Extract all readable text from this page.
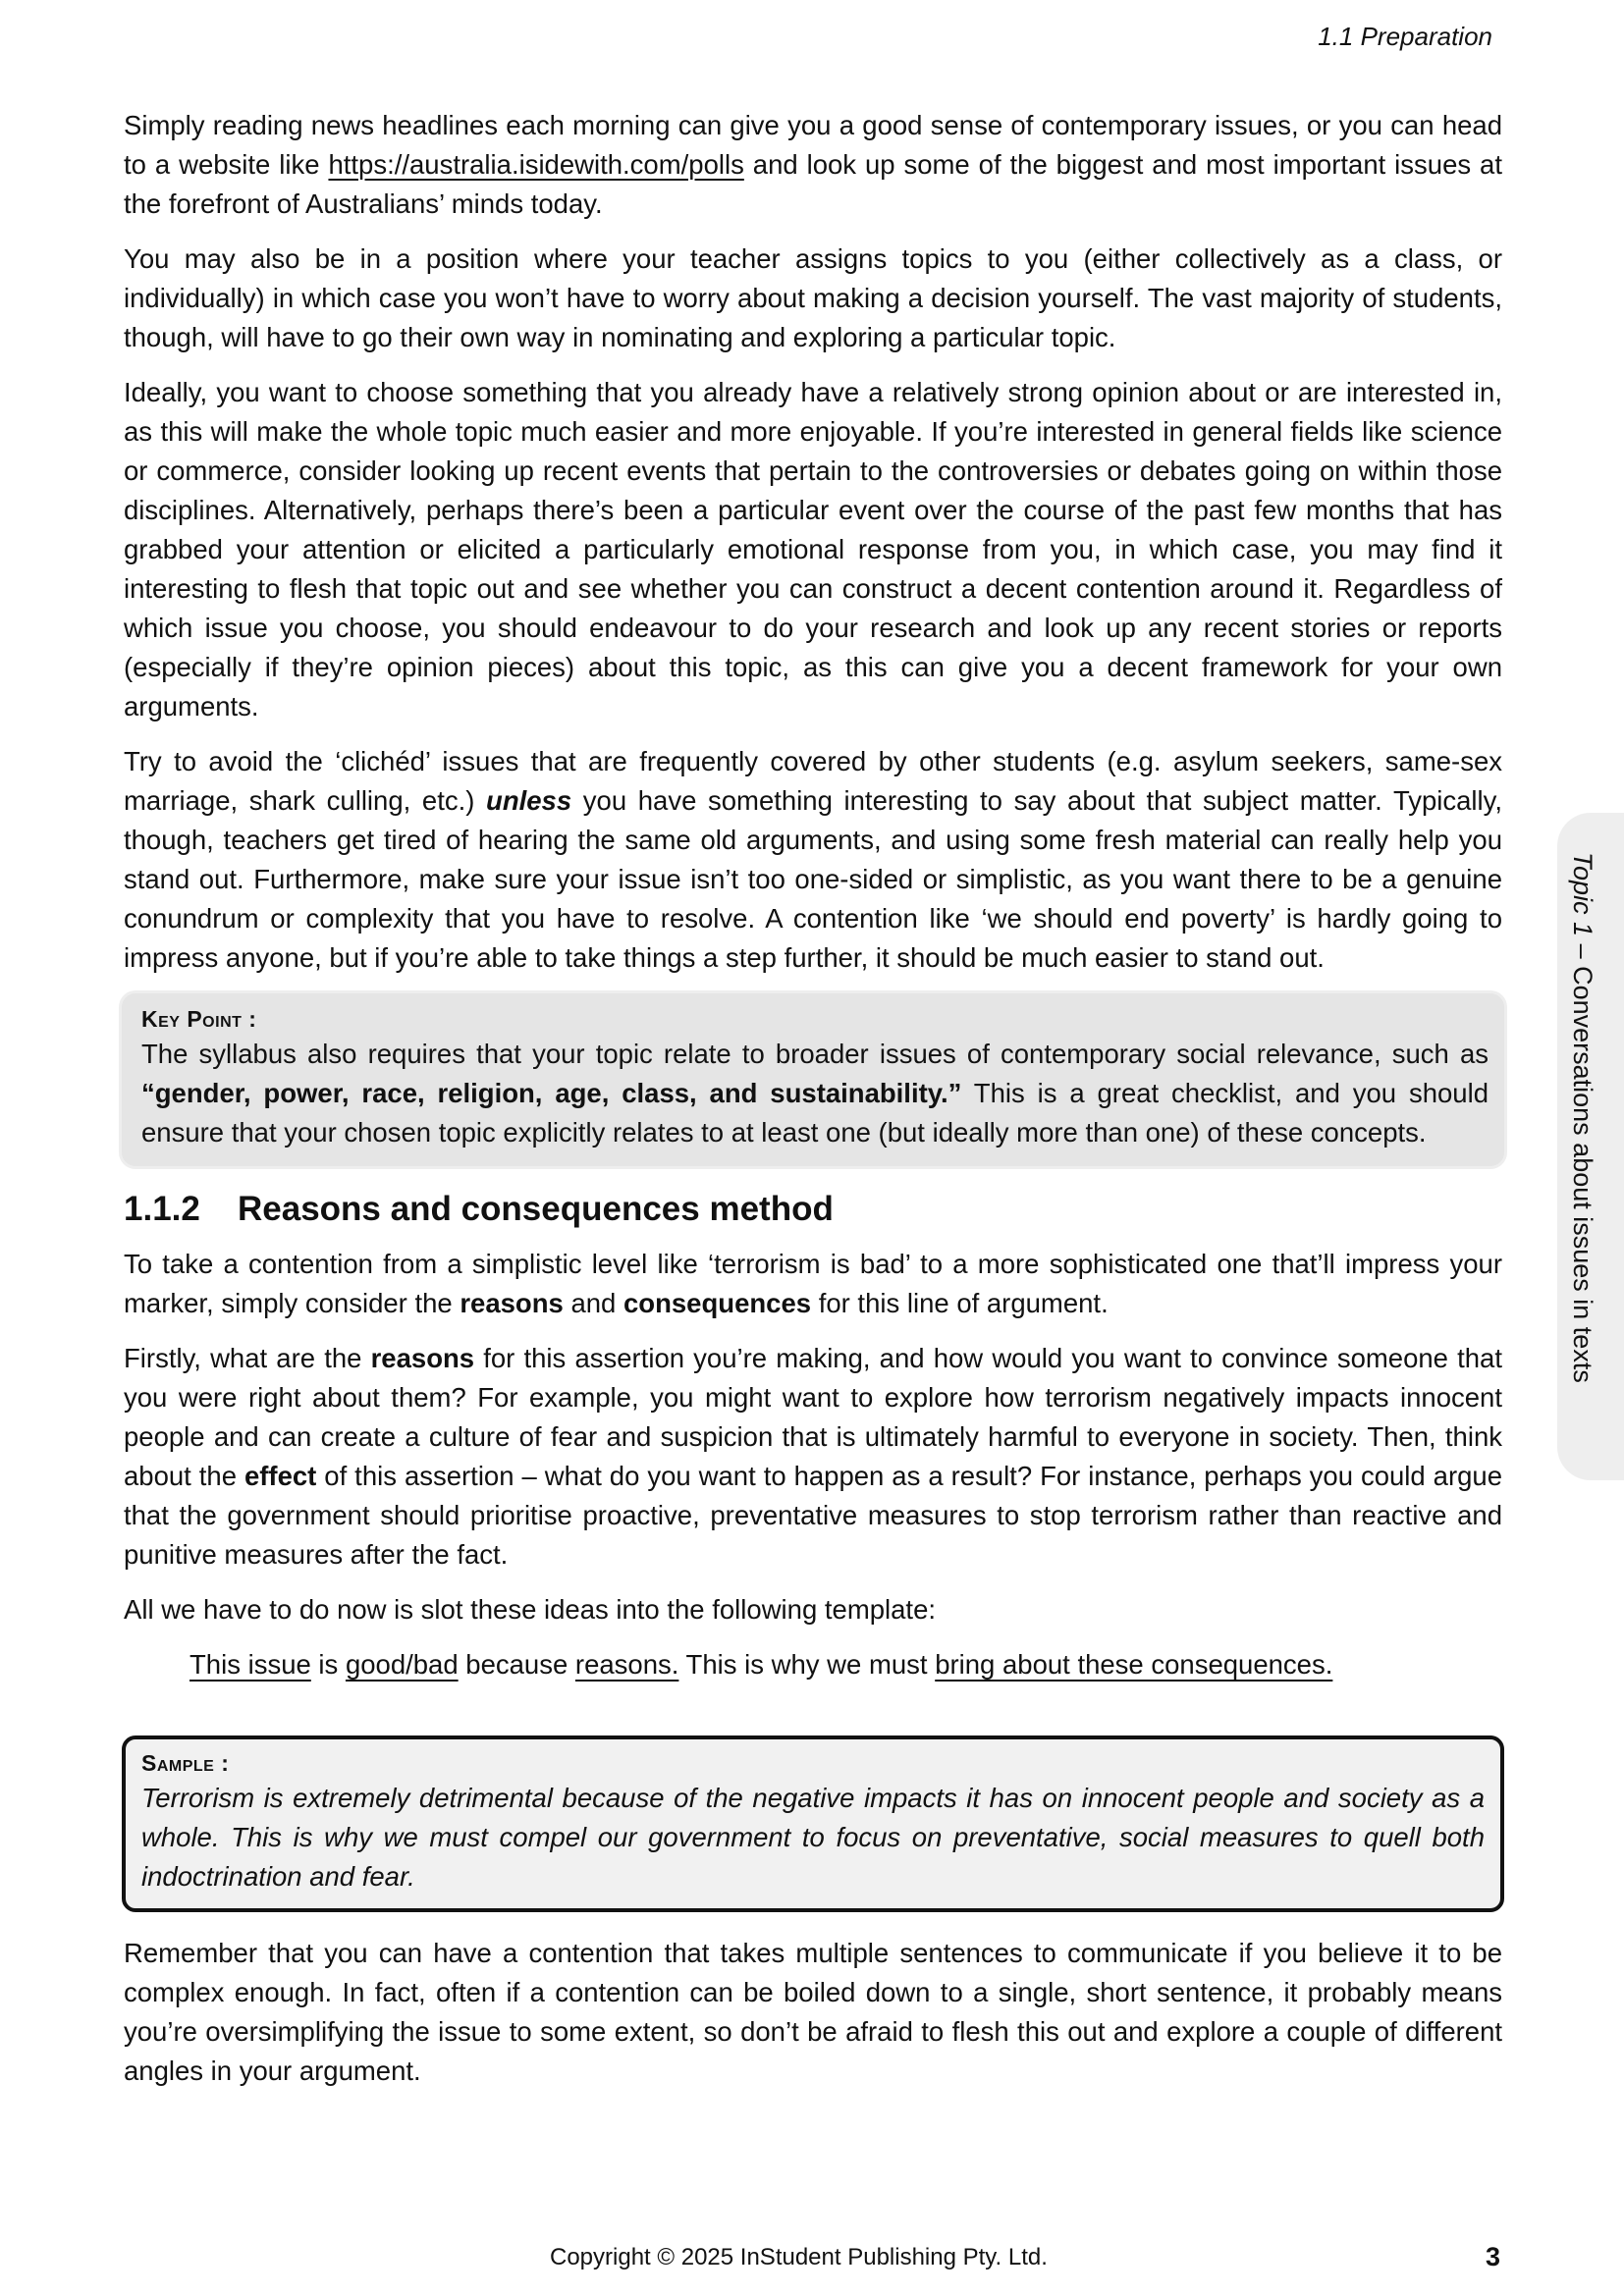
1.1 Preparation
Topic 1 – Conversations about issues in texts

Simply reading news headlines each morning can give you a good sense of contemporary issues, or you can head to a website like https://australia.isidewith.com/polls and look up some of the biggest and most important issues at the forefront of Australians’ minds today.

You may also be in a position where your teacher assigns topics to you (either collectively as a class, or individually) in which case you won’t have to worry about making a decision yourself. The vast majority of students, though, will have to go their own way in nominating and exploring a particular topic.

Ideally, you want to choose something that you already have a relatively strong opinion about or are interested in, as this will make the whole topic much easier and more enjoyable. If you’re interested in general fields like science or commerce, consider looking up recent events that pertain to the controversies or debates going on within those disciplines. Alternatively, perhaps there’s been a particular event over the course of the past few months that has grabbed your attention or elicited a particularly emotional response from you, in which case, you may find it interesting to flesh that topic out and see whether you can construct a decent contention around it. Regardless of which issue you choose, you should endeavour to do your research and look up any recent stories or reports (especially if they’re opinion pieces) about this topic, as this can give you a decent framework for your own arguments.

Try to avoid the ‘clichéd’ issues that are frequently covered by other students (e.g. asylum seekers, same-sex marriage, shark culling, etc.) unless you have something interesting to say about that subject matter. Typically, though, teachers get tired of hearing the same old arguments, and using some fresh material can really help you stand out. Furthermore, make sure your issue isn’t too one-sided or simplistic, as you want there to be a genuine conundrum or complexity that you have to resolve. A contention like ‘we should end poverty’ is hardly going to impress anyone, but if you’re able to take things a step further, it should be much easier to stand out.

Key Point :

The syllabus also requires that your topic relate to broader issues of contemporary social relevance, such as “gender, power, race, religion, age, class, and sustainability.” This is a great checklist, and you should ensure that your chosen topic explicitly relates to at least one (but ideally more than one) of these concepts.

1.1.2 Reasons and consequences method

To take a contention from a simplistic level like ‘terrorism is bad’ to a more sophisticated one that’ll impress your marker, simply consider the reasons and consequences for this line of argument.

Firstly, what are the reasons for this assertion you’re making, and how would you want to convince someone that you were right about them? For example, you might want to explore how terrorism negatively impacts innocent people and can create a culture of fear and suspicion that is ultimately harmful to everyone in society. Then, think about the effect of this assertion – what do you want to happen as a result? For instance, perhaps you could argue that the government should prioritise proactive, preventative measures to stop terrorism rather than reactive and punitive measures after the fact.

All we have to do now is slot these ideas into the following template:

This issue is good/bad because reasons. This is why we must bring about these consequences.
Sample :

Terrorism is extremely detrimental because of the negative impacts it has on innocent people and society as a whole. This is why we must compel our government to focus on preventative, social measures to quell both indoctrination and fear.

Remember that you can have a contention that takes multiple sentences to communicate if you believe it to be complex enough. In fact, often if a contention can be boiled down to a single, short sentence, it probably means you’re oversimplifying the issue to some extent, so don’t be afraid to flesh this out and explore a couple of different angles in your argument.

Copyright © 2025 InStudent Publishing Pty. Ltd.	3
